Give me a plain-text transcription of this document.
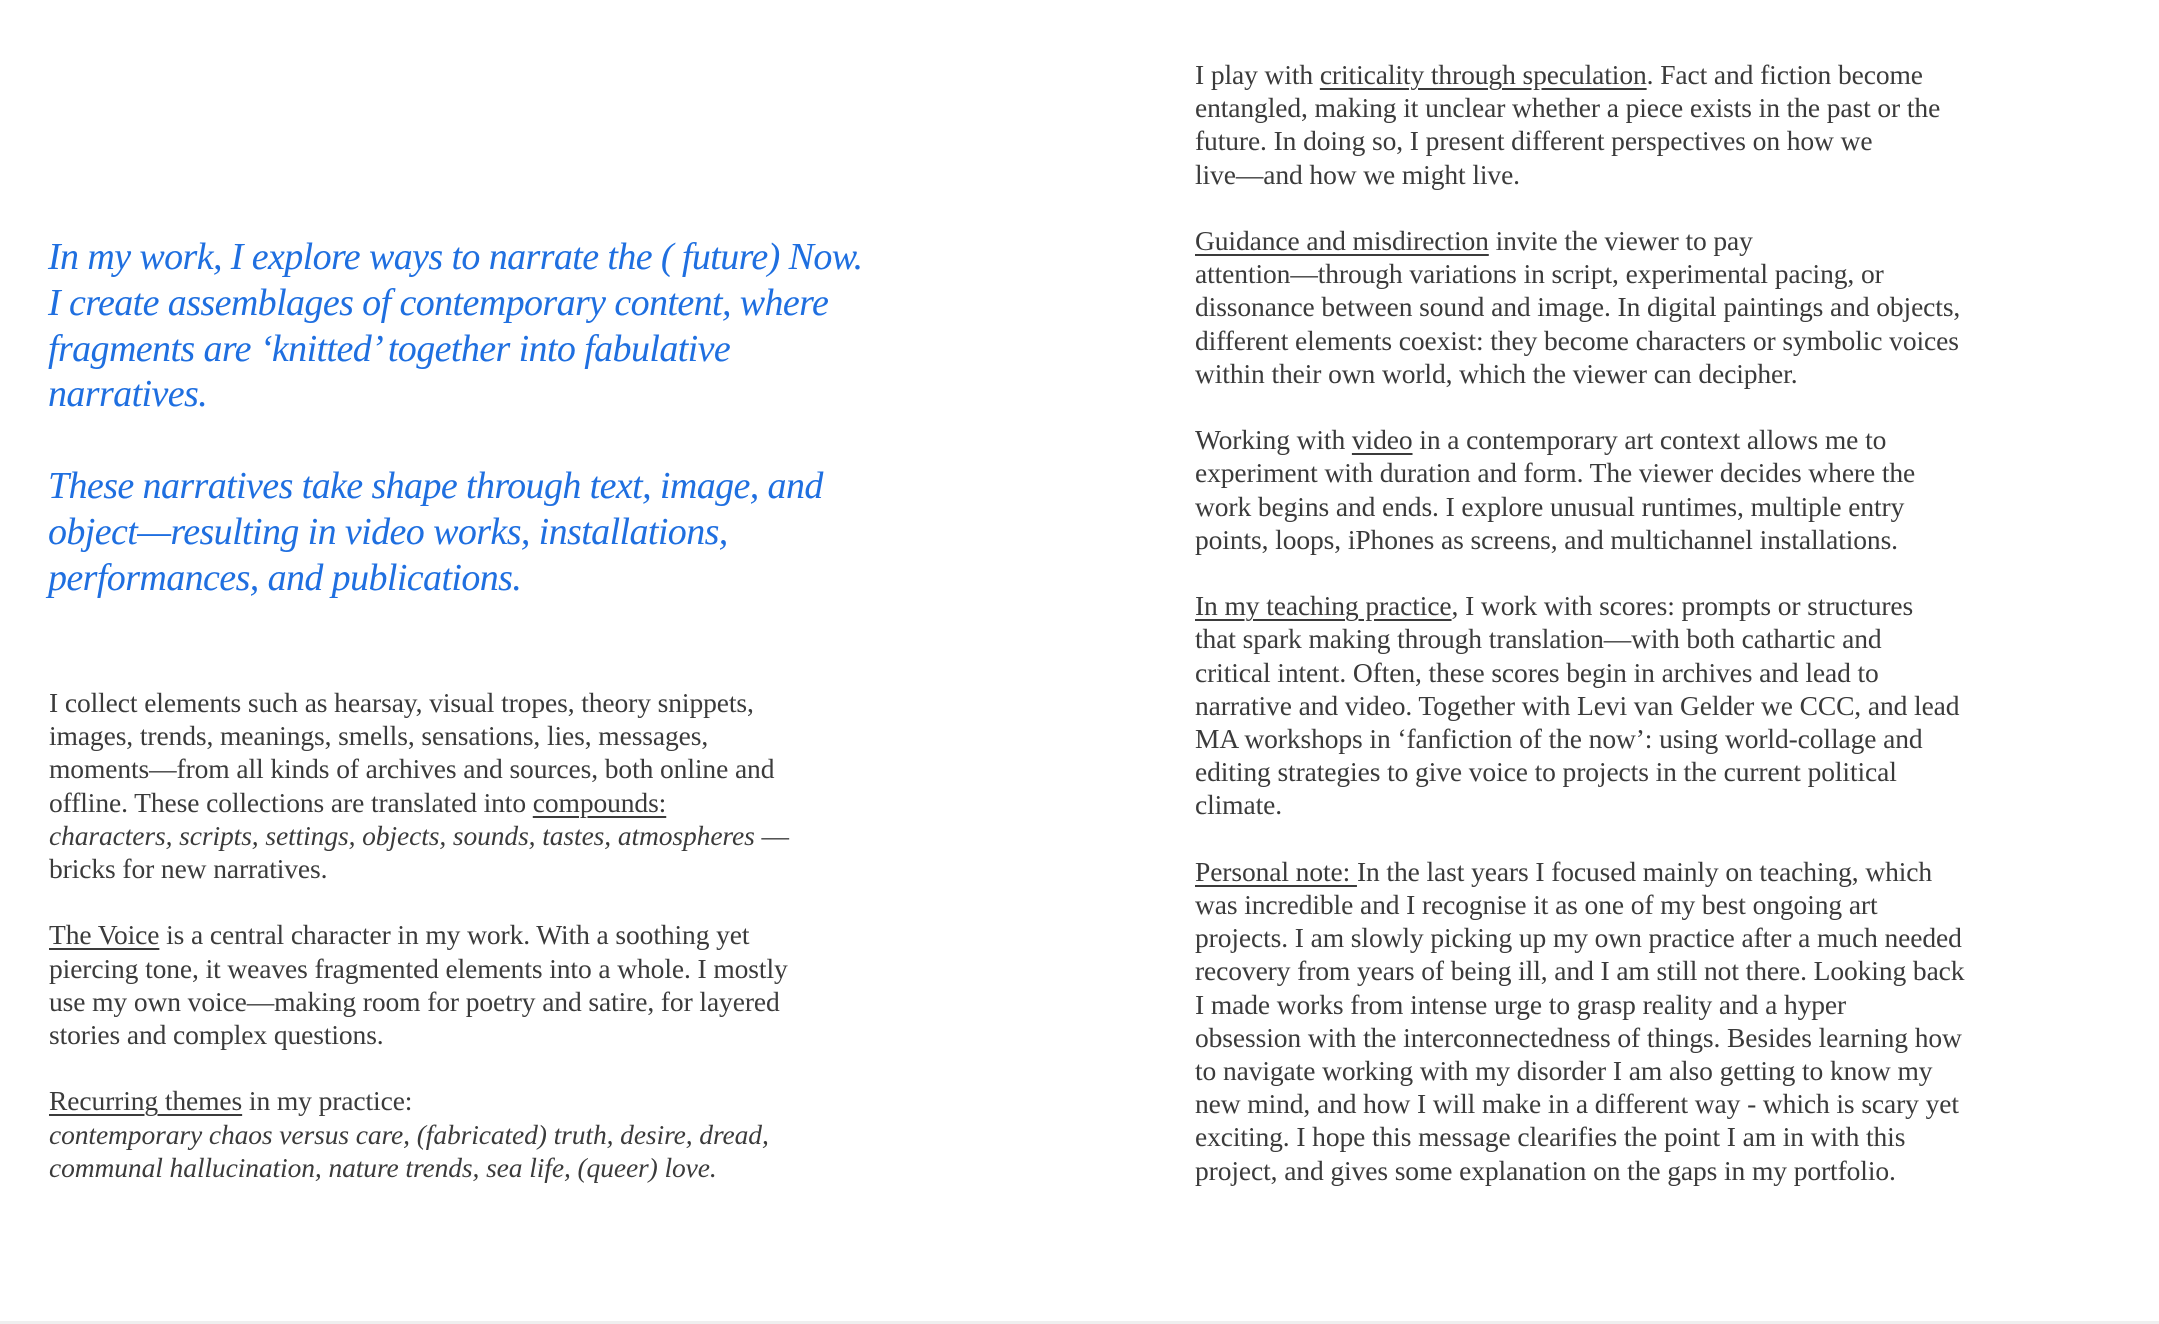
In my work, I explore ways to narrate the ( future) Now.
I create assemblages of contemporary content, where
fragments are ‘knitted’ together into fabulative
narratives.
These narratives take shape through text, image, and
object—resulting in video works, installations,
performances, and publications.
I collect elements such as hearsay, visual tropes, theory snippets,
images, trends, meanings, smells, sensations, lies, messages,
moments—from all kinds of archives and sources, both online and
offline. These collections are translated into compounds:
characters, scripts, settings, objects, sounds, tastes, atmospheres —
bricks for new narratives.
The Voice is a central character in my work. With a soothing yet
piercing tone, it weaves fragmented elements into a whole. I mostly
use my own voice—making room for poetry and satire, for layered
stories and complex questions.
Recurring themes in my practice:
contemporary chaos versus care, (fabricated) truth, desire, dread,
communal hallucination, nature trends, sea life, (queer) love.
I play with criticality through speculation. Fact and fiction become
entangled, making it unclear whether a piece exists in the past or the
future. In doing so, I present different perspectives on how we
live—and how we might live.
Guidance and misdirection invite the viewer to pay
attention—through variations in script, experimental pacing, or
dissonance between sound and image. In digital paintings and objects,
different elements coexist: they become characters or symbolic voices
within their own world, which the viewer can decipher.
Working with video in a contemporary art context allows me to
experiment with duration and form. The viewer decides where the
work begins and ends. I explore unusual runtimes, multiple entry
points, loops, iPhones as screens, and multichannel installations.
In my teaching practice, I work with scores: prompts or structures
that spark making through translation—with both cathartic and
critical intent. Often, these scores begin in archives and lead to
narrative and video. Together with Levi van Gelder we CCC, and lead
MA workshops in ‘fanfiction of the now’: using world-collage and
editing strategies to give voice to projects in the current political
climate.
Personal note: In the last years I focused mainly on teaching, which
was incredible and I recognise it as one of my best ongoing art
projects. I am slowly picking up my own practice after a much needed
recovery from years of being ill, and I am still not there. Looking back
I made works from intense urge to grasp reality and a hyper
obsession with the interconnectedness of things. Besides learning how
to navigate working with my disorder I am also getting to know my
new mind, and how I will make in a different way - which is scary yet
exciting. I hope this message clearifies the point I am in with this
project, and gives some explanation on the gaps in my portfolio.
